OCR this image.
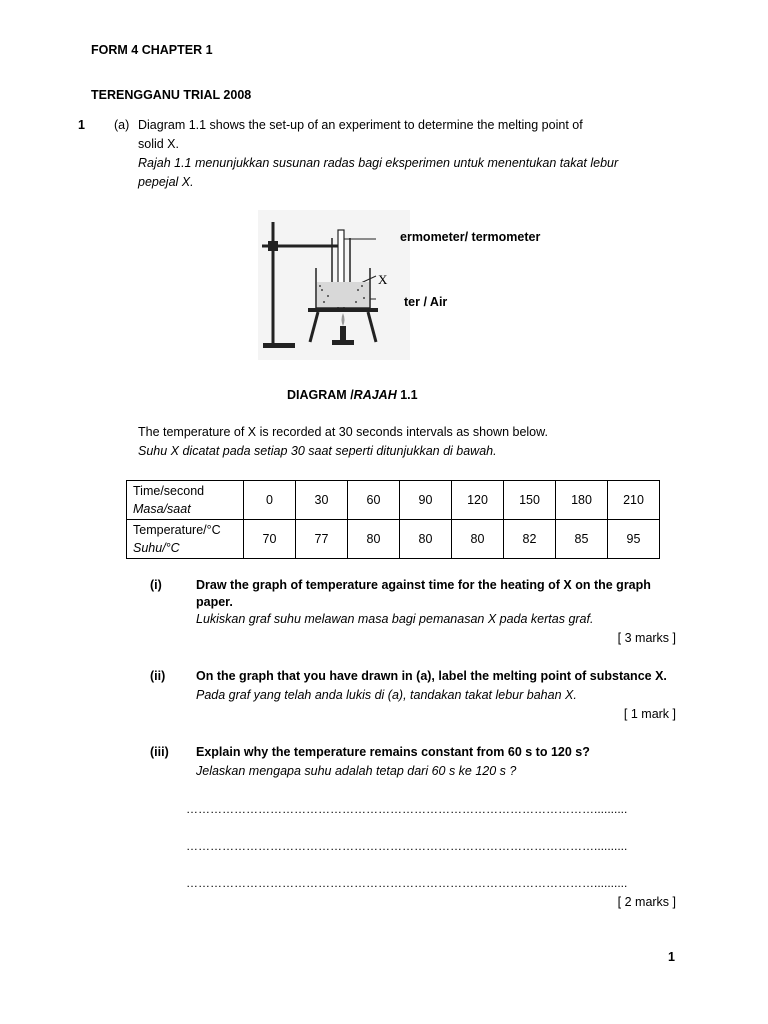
FORM 4 CHAPTER 1
TERENGGANU TRIAL 2008
1 (a) Diagram 1.1 shows the set-up of an experiment to determine the melting point of
solid X.
Rajah 1.1 menunjukkan susunan radas bagi eksperimen untuk menentukan takat lebur
pepejal X.
X
ermometer/ termometer
ter / Air
DIAGRAM /RAJAH 1.1
The temperature of X is recorded at 30 seconds intervals as shown below.
Suhu X dicatat pada setiap 30 saat seperti ditunjukkan di bawah.
Time/second
Masa/saat	0	30	60	90	120	150	180	210
Temperature/°C
Suhu/°C	70	77	80	80	80	82	85	95
(i)	Draw the graph of temperature against time for the heating of X on the graph
paper.
Lukiskan graf suhu melawan masa bagi pemanasan X pada kertas graf.
[ 3 marks ]
(ii) On the graph that you have drawn in (a), label the melting point of substance X.
Pada graf yang telah anda lukis di (a), tandakan takat lebur bahan X.
[ 1 mark ]
(iii) Explain why the temperature remains constant from 60 s to 120 s?
Jelaskan mengapa suhu adalah tetap dari 60 s ke 120 s ?
…………………………………………………………………………………………..........
…………………………………………………………………………………………..........
…………………………………………………………………………………………..........
[ 2 marks ]
1
